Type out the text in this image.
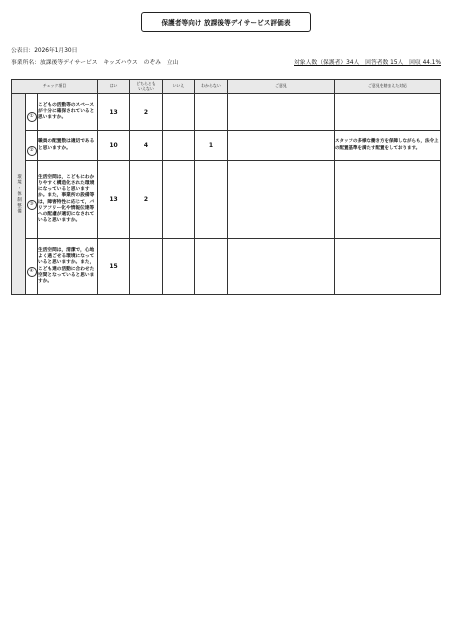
保護者等向け 放課後等デイサービス評価表
公表日：2026年1月30日
事業所名：放課後等デイサービス　キッズハウス　のぞみ　立山	対象人数（保護者）34人　回答者数 15人　回収 44.1%
チェック項目			はい	どちらとも
いえない	いいえ	わからない	ご意見	ご意見を踏まえた対応

環境・体制整備	①	こどもの活動等のスペースが十分に確保されていると思いますか。	13	2			

	②	職員の配置数は適切であると思いますか。	10	4		1		スタッフの多様な働き方を保障しながらも，法令上の配置基準を満たす配置をしております。

	③	生活空間は，こどもにわかりやすく構造化された環境になっていると思いますか。また，事業所の設備等は，障害特性に応じて，バリアフリー化や情報伝達等への配慮が適切になされていると思いますか。	13	2			

	④	生活空間は，清潔で，心地よく過ごせる環境になっていると思いますか。また，こども達の活動に合わせた空間となっていると思いますか。	15				
